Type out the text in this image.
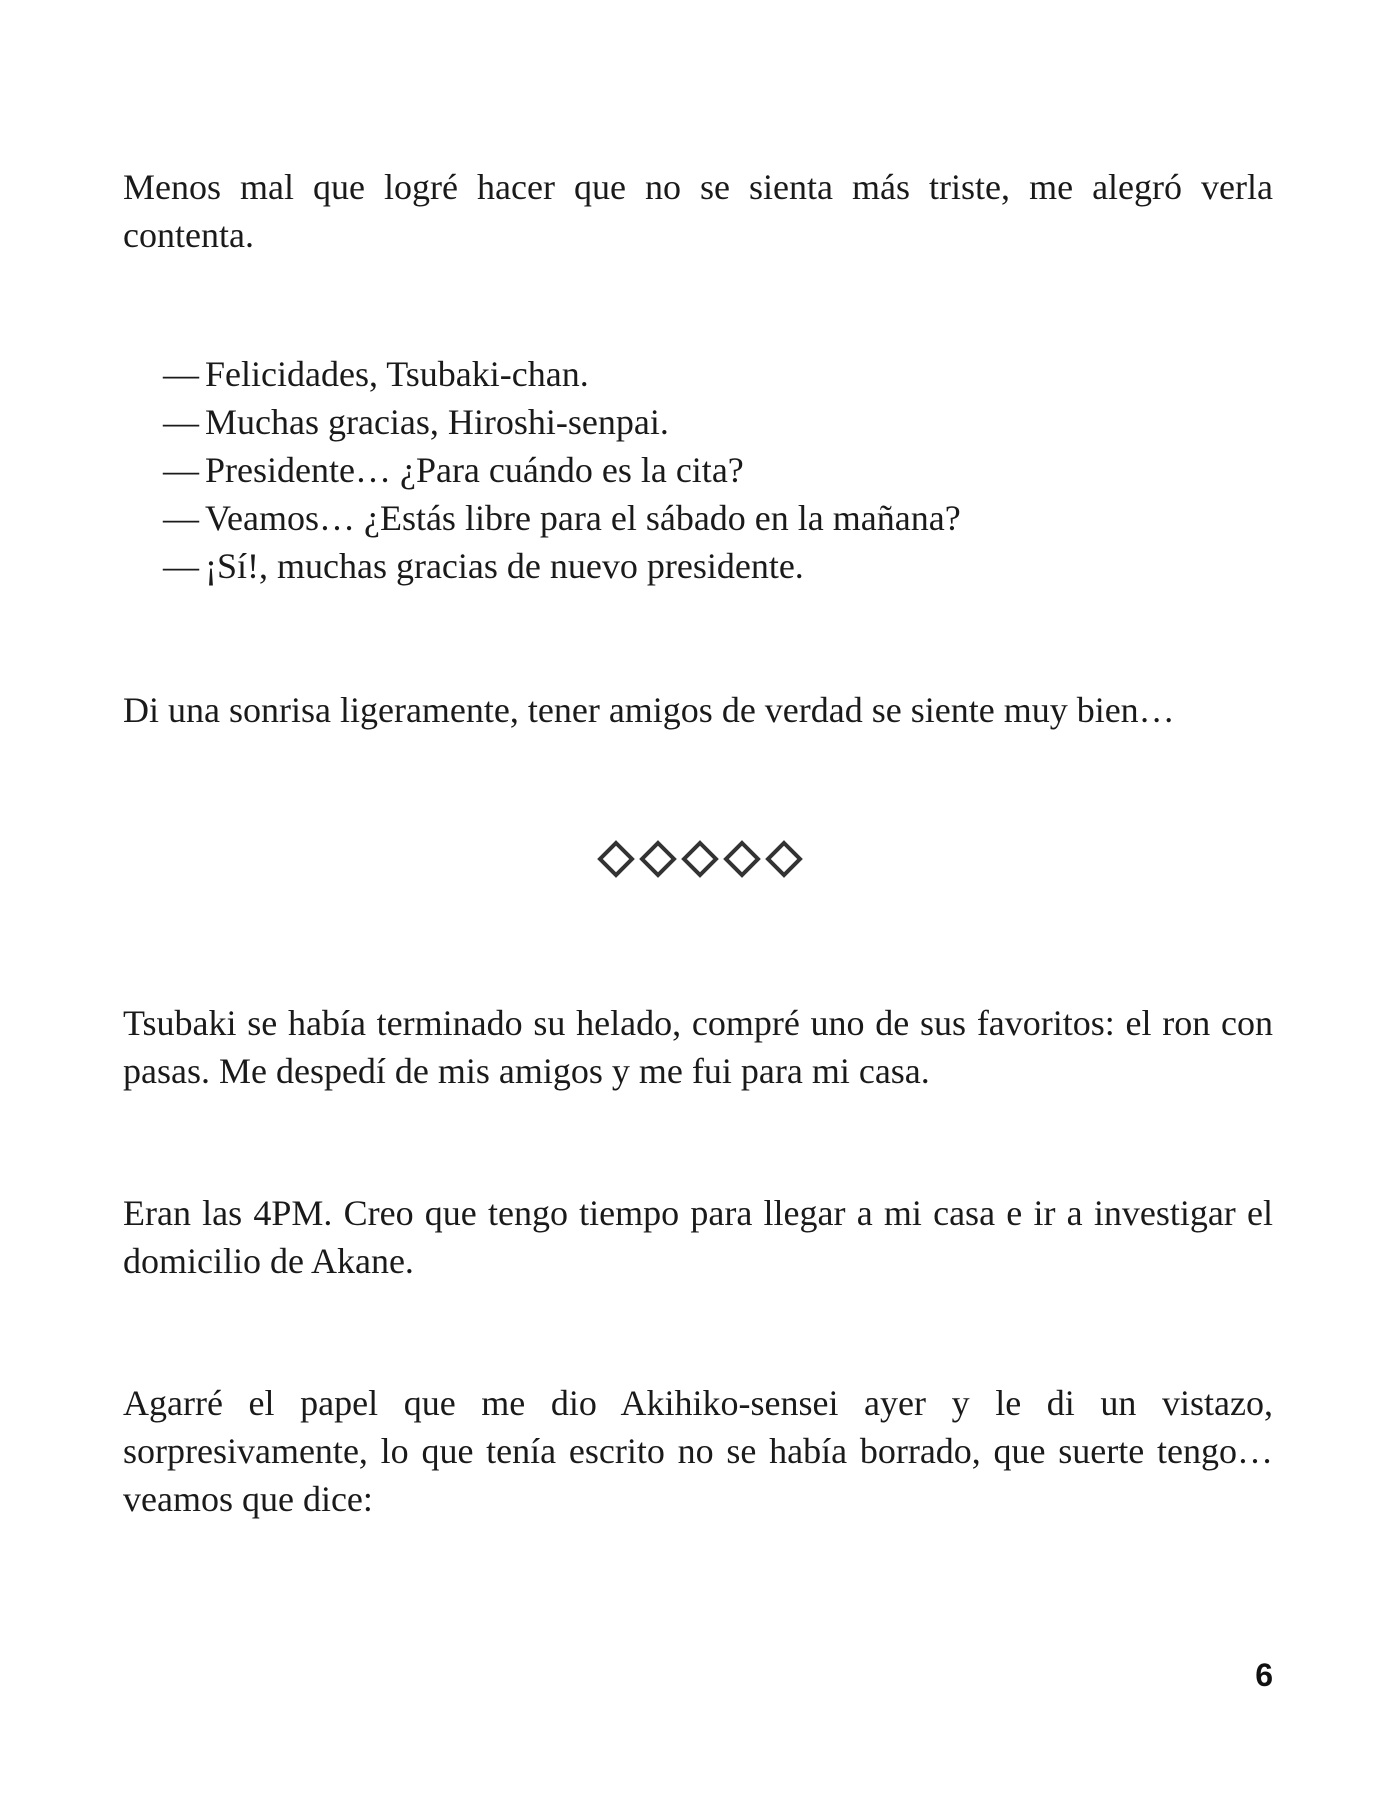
Menos mal que logré hacer que no se sienta más triste, me alegró verla contenta.

— Felicidades, Tsubaki-chan.
— Muchas gracias, Hiroshi-senpai.
— Presidente… ¿Para cuándo es la cita?
— Veamos… ¿Estás libre para el sábado en la mañana?
— ¡Sí!, muchas gracias de nuevo presidente.

Di una sonrisa ligeramente, tener amigos de verdad se siente muy bien…

Tsubaki se había terminado su helado, compré uno de sus favoritos: el ron con pasas. Me despedí de mis amigos y me fui para mi casa.

Eran las 4PM. Creo que tengo tiempo para llegar a mi casa e ir a investigar el domicilio de Akane.

Agarré el papel que me dio Akihiko-sensei ayer y le di un vistazo, sorpresivamente, lo que tenía escrito no se había borrado, que suerte tengo… veamos que dice:

6
